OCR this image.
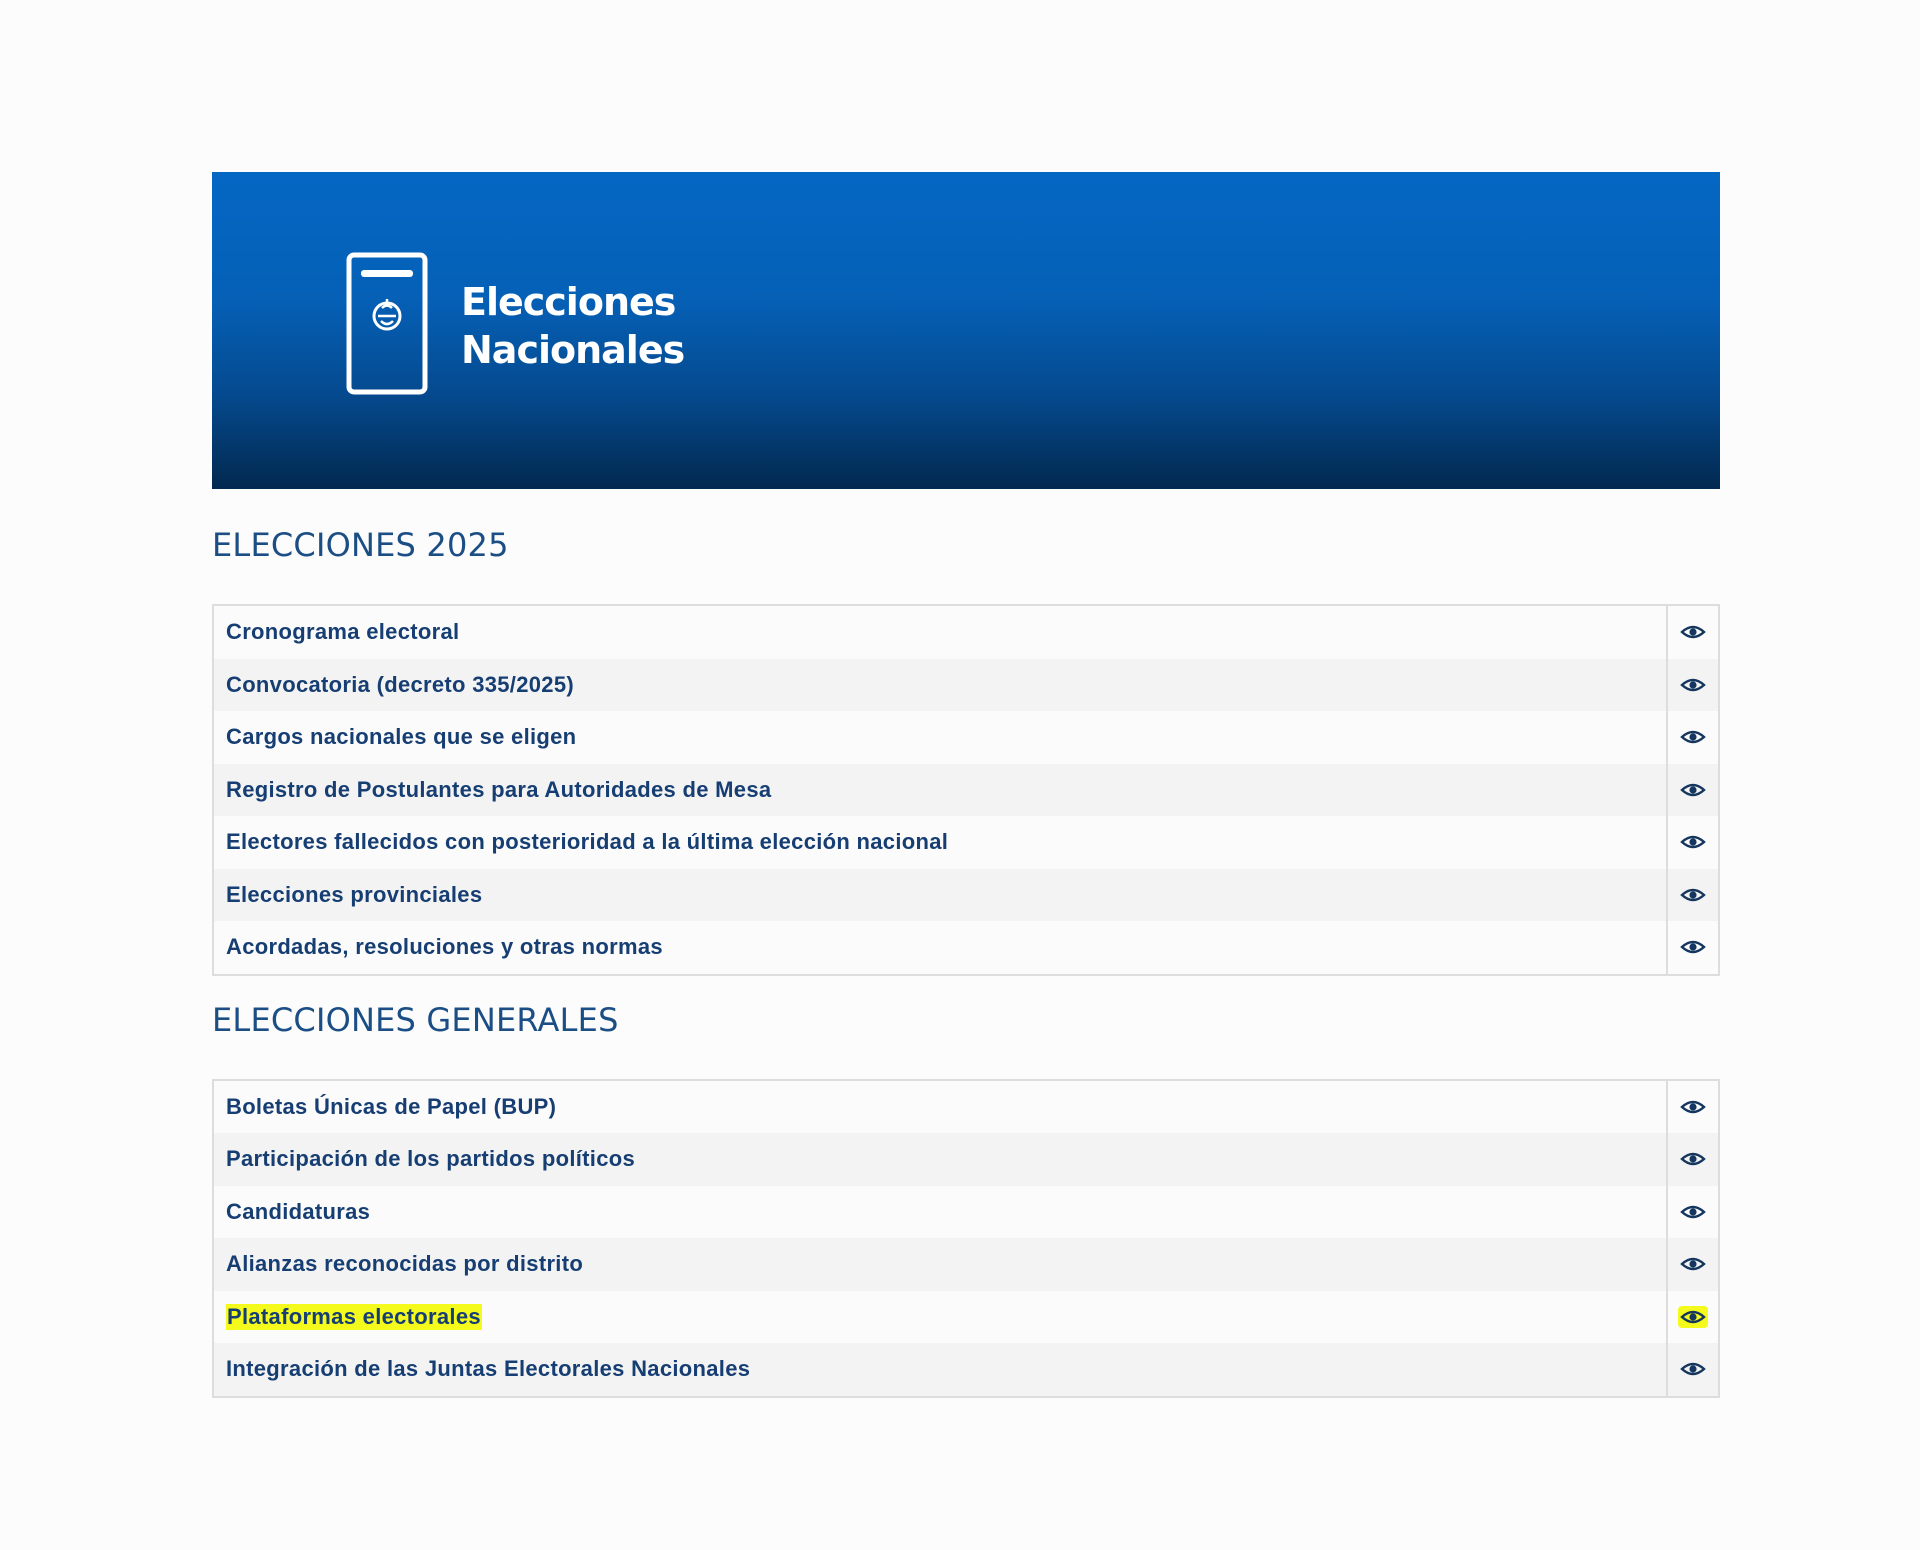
Elecciones
Nacionales
ELECCIONES 2025
Cronograma electoral
Convocatoria (decreto 335/2025)
Cargos nacionales que se eligen
Registro de Postulantes para Autoridades de Mesa
Electores fallecidos con posterioridad a la última elección nacional
Elecciones provinciales
Acordadas, resoluciones y otras normas
ELECCIONES GENERALES
Boletas Únicas de Papel (BUP)
Participación de los partidos políticos
Candidaturas
Alianzas reconocidas por distrito
Plataformas electorales
Integración de las Juntas Electorales Nacionales
